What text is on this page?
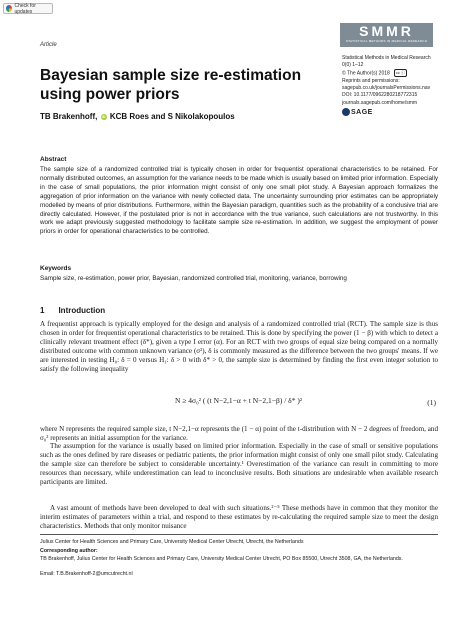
Check for updates
Article
SMMR
STATISTICAL METHODS IN MEDICAL RESEARCH
Statistical Methods in Medical Research
0(0) 1–12
© The Author(s) 2018 cc ⓘ
Reprints and permissions:
sagepub.co.uk/journalsPermissions.nav
DOI: 10.1177/0962280218772315
journals.sagepub.com/home/smm
SAGE
Bayesian sample size re-estimation using power priors
TB Brakenhoff, iD KCB Roes and S Nikolakopoulos
Abstract
The sample size of a randomized controlled trial is typically chosen in order for frequentist operational characteristics to be retained. For normally distributed outcomes, an assumption for the variance needs to be made which is usually based on limited prior information. Especially in the case of small populations, the prior information might consist of only one small pilot study. A Bayesian approach formalizes the aggregation of prior information on the variance with newly collected data. The uncertainty surrounding prior estimates can be appropriately modelled by means of prior distributions. Furthermore, within the Bayesian paradigm, quantities such as the probability of a conclusive trial are directly calculated. However, if the postulated prior is not in accordance with the true variance, such calculations are not trustworthy. In this work we adapt previously suggested methodology to facilitate sample size re-estimation. In addition, we suggest the employment of power priors in order for operational characteristics to be controlled.
Keywords
Sample size, re-estimation, power prior, Bayesian, randomized controlled trial, monitoring, variance, borrowing
1 Introduction
A frequentist approach is typically employed for the design and analysis of a randomized controlled trial (RCT). The sample size is thus chosen in order for frequentist operational characteristics to be retained. This is done by specifying the power (1 − β) with which to detect a clinically relevant treatment effect (δ*), given a type I error (α). For an RCT with two groups of equal size being compared on a normally distributed outcome with common unknown variance (σ²), δ is commonly measured as the difference between the two groups' means. If we are interested in testing H₀: δ = 0 versus H₁: δ > 0 with δ* > 0, the sample size is determined by finding the first even integer solution to satisfy the following inequality
N ≥ 4σ₀² ( (t N−2,1−α + t N−2,1−β) / δ* )²	(1)
where N represents the required sample size, t N−2,1−α represents the (1 − α) point of the t-distribution with N − 2 degrees of freedom, and σ₀² represents an initial assumption for the variance.
The assumption for the variance is usually based on limited prior information. Especially in the case of small or sensitive populations such as the ones defined by rare diseases or pediatric patients, the prior information might consist of only one small pilot study. Calculating the sample size can therefore be subject to considerable uncertainty.¹ Overestimation of the variance can result in committing to more resources than necessary, while underestimation can lead to inconclusive results. Both situations are undesirable when available research participants are limited.
A vast amount of methods have been developed to deal with such situations.²⁻⁵ These methods have in common that they monitor the interim estimates of parameters within a trial, and respond to these estimates by re-calculating the required sample size to meet the design characteristics. Methods that only monitor nuisance
Julius Center for Health Sciences and Primary Care, University Medical Center Utrecht, Utrecht, the Netherlands
Corresponding author:
TB Brakenhoff, Julius Center for Health Sciences and Primary Care, University Medical Center Utrecht, PO Box 85500, Utrecht 3508, GA, the Netherlands.
Email: T.B.Brakenhoff-2@umcutrecht.nl
